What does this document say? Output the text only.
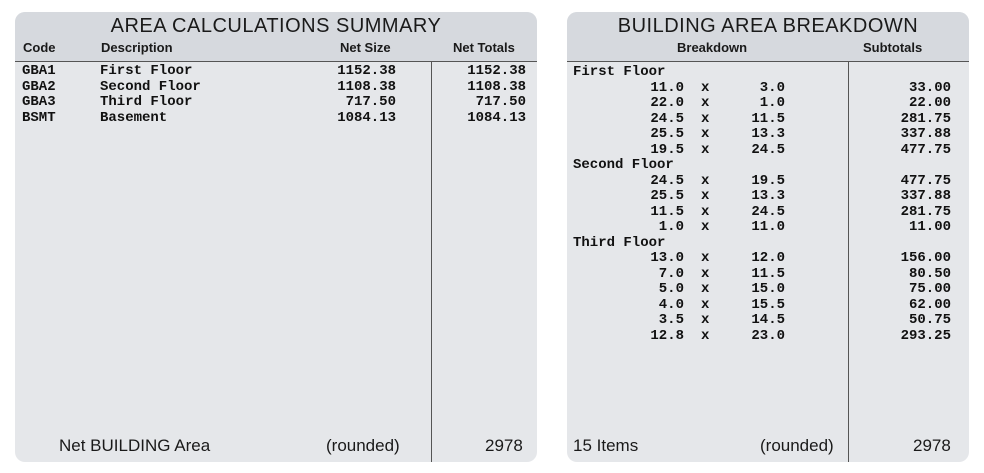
AREA CALCULATIONS SUMMARY
Code	Description	Net Size	Net Totals
GBA1	First Floor	1152.38	1152.38
GBA2	Second Floor	1108.38	1108.38
GBA3	Third Floor	717.50	717.50
BSMT	Basement	1084.13	1084.13
Net BUILDING Area	(rounded)	2978
BUILDING AREA BREAKDOWN
Breakdown	Subtotals
First Floor
11.0 x	3.0	33.00
22.0 x	1.0	22.00
24.5 x	11.5	281.75
25.5 x	13.3	337.88
19.5 x	24.5	477.75
Second Floor
24.5 x	19.5	477.75
25.5 x	13.3	337.88
11.5 x	24.5	281.75
1.0 x	11.0	11.00
Third Floor
13.0 x	12.0	156.00
7.0 x	11.5	80.50
5.0 x	15.0	75.00
4.0 x	15.5	62.00
3.5 x	14.5	50.75
12.8 x	23.0	293.25
15 Items	(rounded)	2978
